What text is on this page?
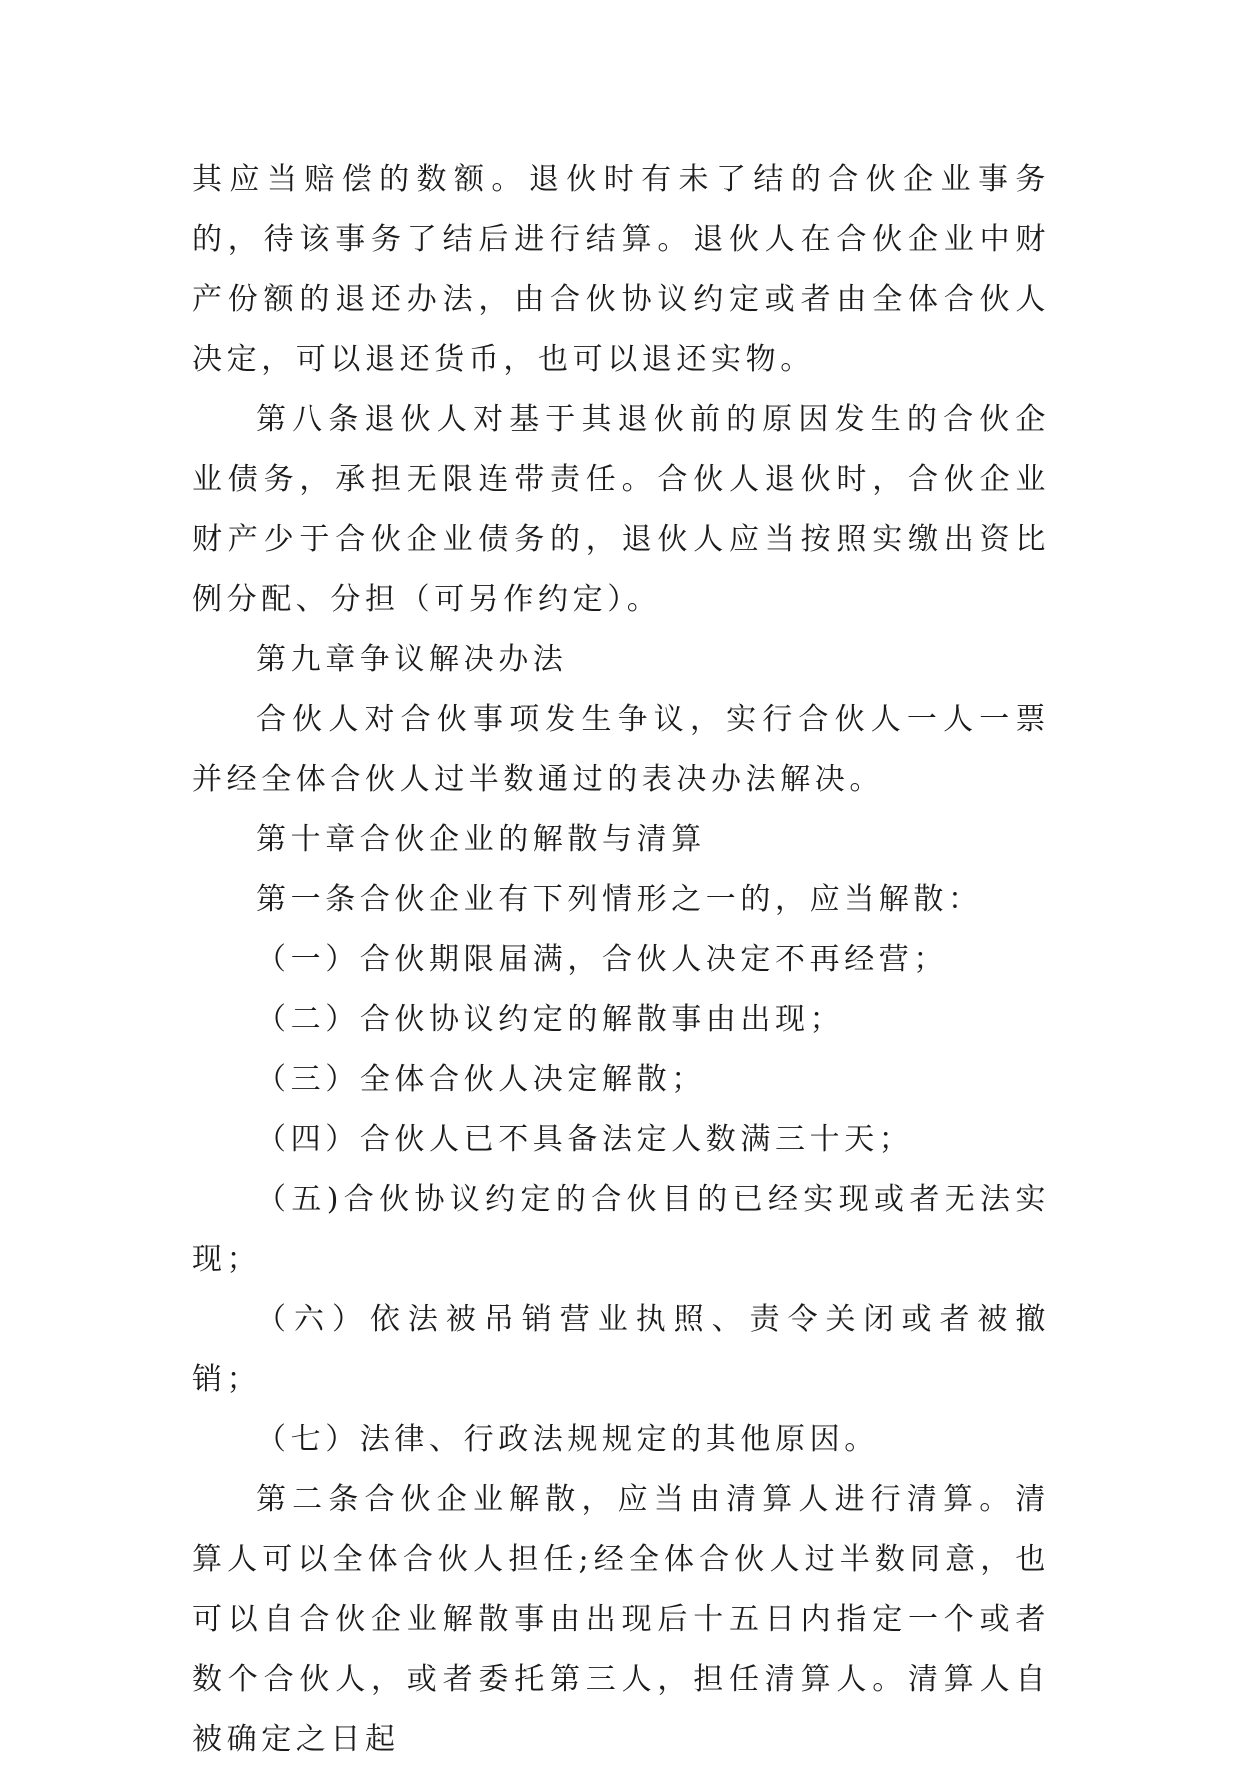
其应当赔偿的数额。退伙时有未了结的合伙企业事务的，待该事务了结后进行结算。退伙人在合伙企业中财产份额的退还办法，由合伙协议约定或者由全体合伙人决定，可以退还货币，也可以退还实物。

第八条退伙人对基于其退伙前的原因发生的合伙企业债务，承担无限连带责任。合伙人退伙时，合伙企业财产少于合伙企业债务的，退伙人应当按照实缴出资比例分配、分担（可另作约定）。

第九章争议解决办法

合伙人对合伙事项发生争议，实行合伙人一人一票并经全体合伙人过半数通过的表决办法解决。

第十章合伙企业的解散与清算

第一条合伙企业有下列情形之一的，应当解散：

（一）合伙期限届满，合伙人决定不再经营；

（二）合伙协议约定的解散事由出现；

（三）全体合伙人决定解散；

（四）合伙人已不具备法定人数满三十天；

（五)合伙协议约定的合伙目的已经实现或者无法实现；

（六）依法被吊销营业执照、责令关闭或者被撤销；

（七）法律、行政法规规定的其他原因。

第二条合伙企业解散，应当由清算人进行清算。清算人可以全体合伙人担任;经全体合伙人过半数同意，也可以自合伙企业解散事由出现后十五日内指定一个或者数个合伙人，或者委托第三人，担任清算人。清算人自被确定之日起
